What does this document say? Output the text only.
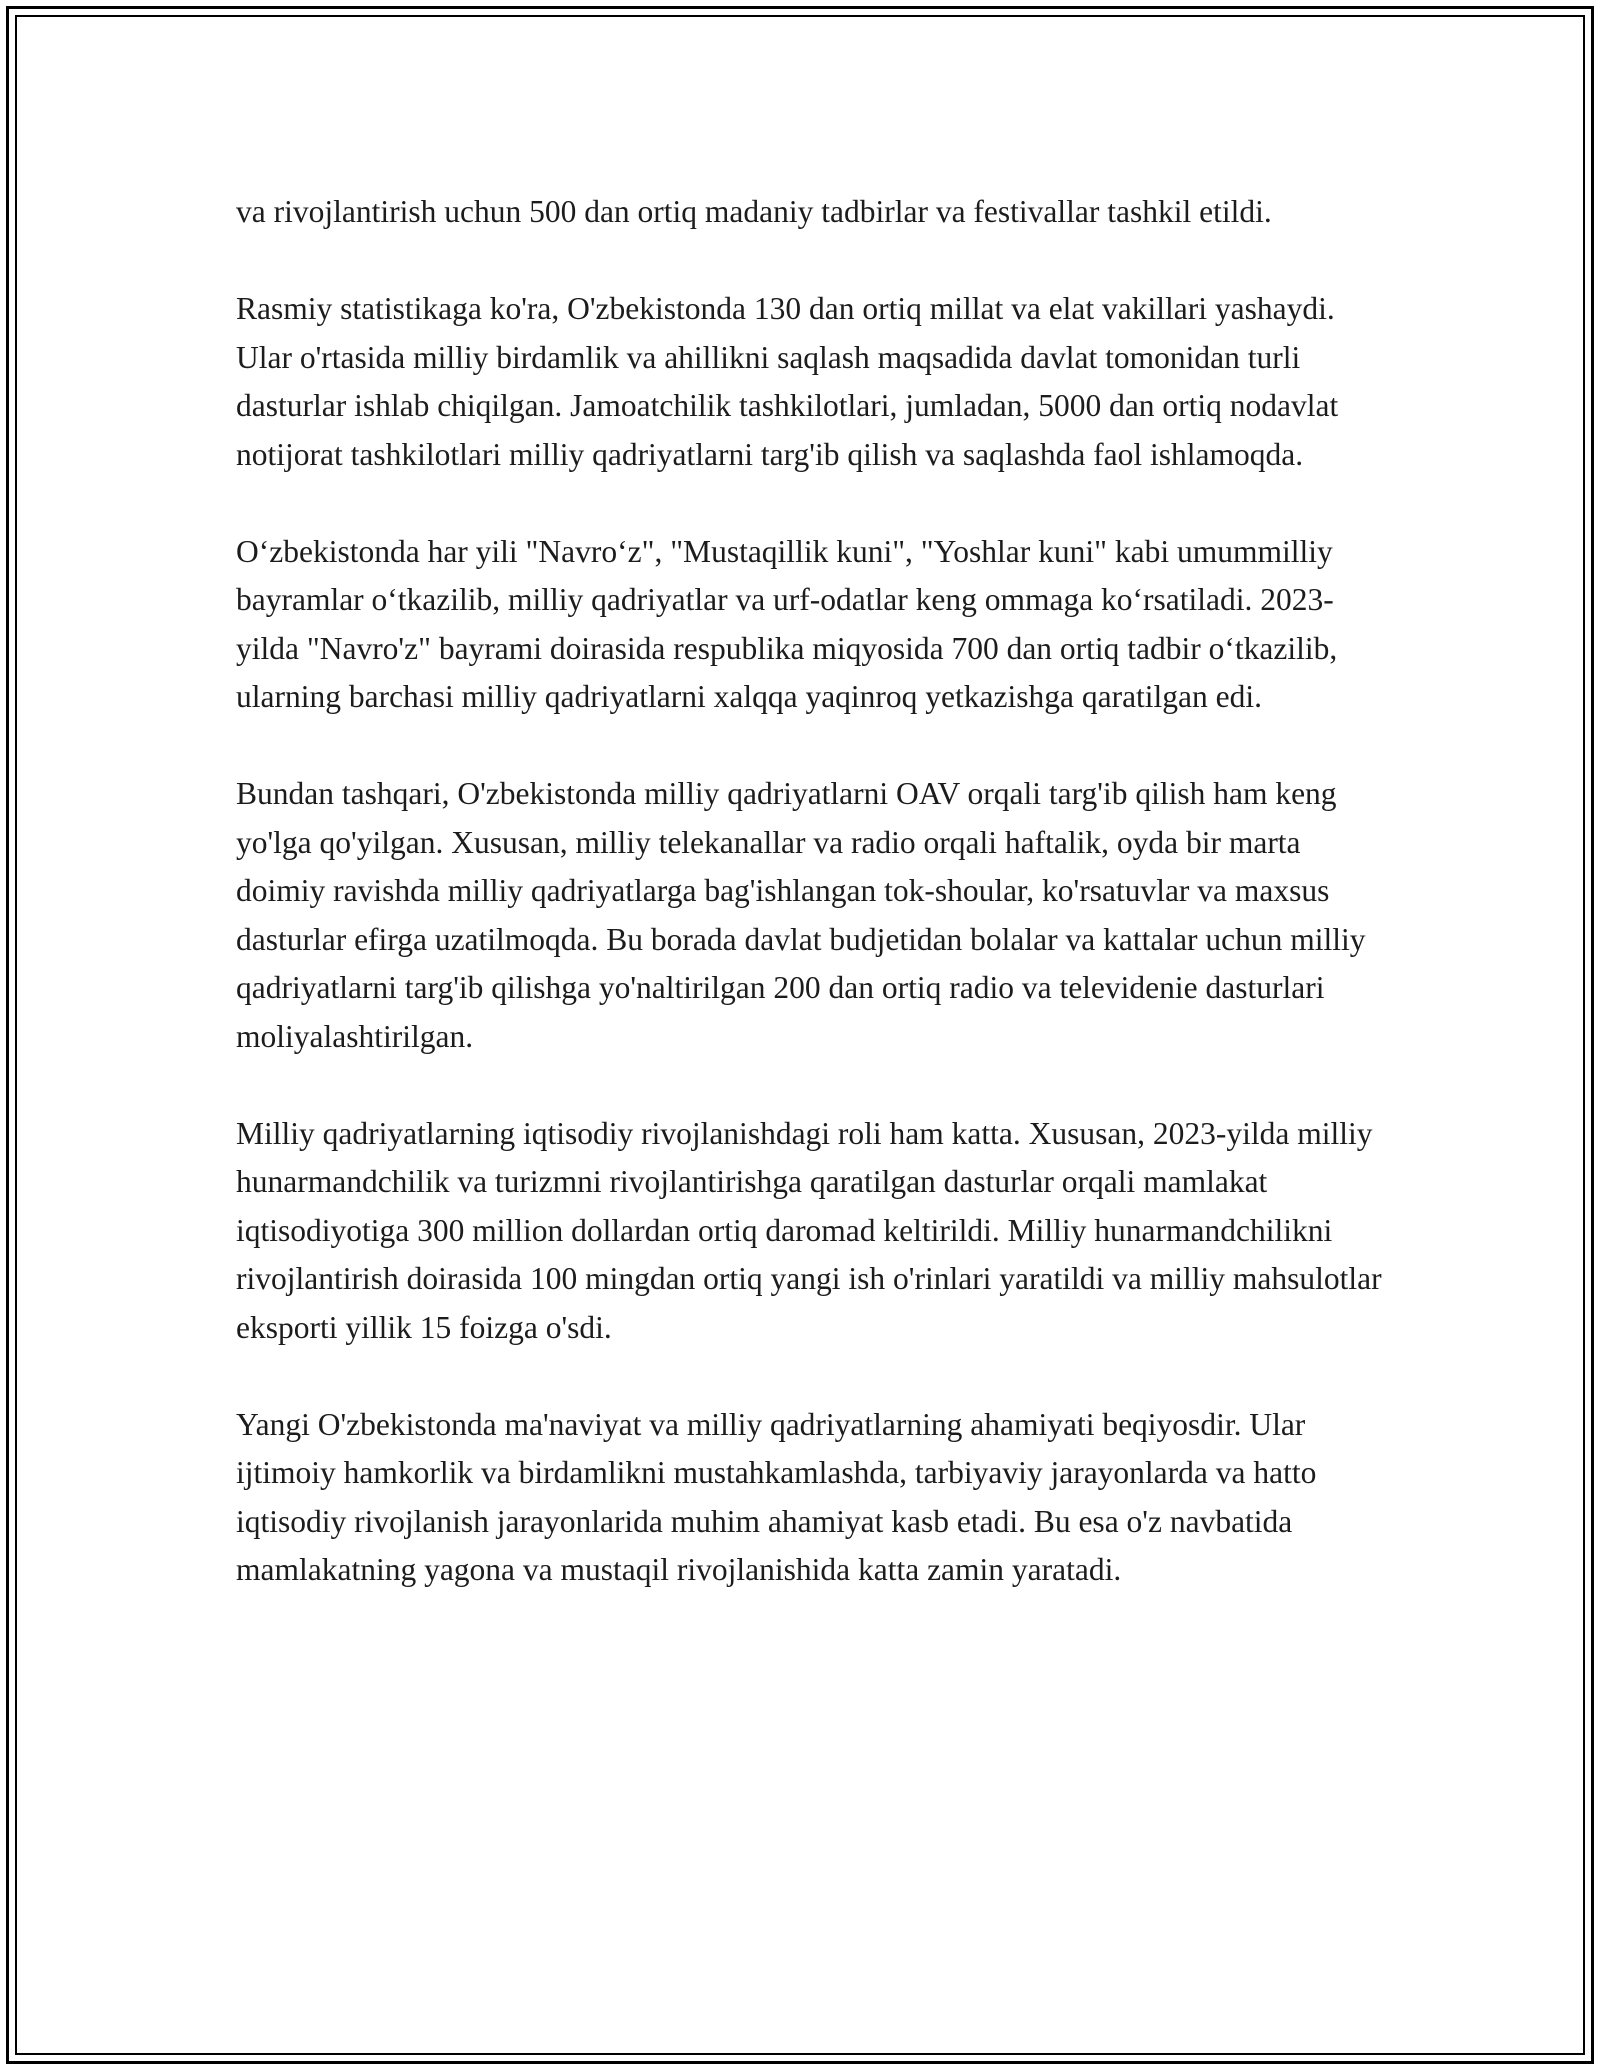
va rivojlantirish uchun 500 dan ortiq madaniy tadbirlar va festivallar tashkil etildi.

Rasmiy statistikaga ko'ra, O'zbekistonda 130 dan ortiq millat va elat vakillari yashaydi. Ular o'rtasida milliy birdamlik va ahillikni saqlash maqsadida davlat tomonidan turli dasturlar ishlab chiqilgan. Jamoatchilik tashkilotlari, jumladan, 5000 dan ortiq nodavlat notijorat tashkilotlari milliy qadriyatlarni targ'ib qilish va saqlashda faol ishlamoqda.

O‘zbekistonda har yili "Navro‘z", "Mustaqillik kuni", "Yoshlar kuni" kabi umummilliy bayramlar o‘tkazilib, milliy qadriyatlar va urf-odatlar keng ommaga ko‘rsatiladi. 2023-yilda "Navro'z" bayrami doirasida respublika miqyosida 700 dan ortiq tadbir o‘tkazilib, ularning barchasi milliy qadriyatlarni xalqqa yaqinroq yetkazishga qaratilgan edi.

Bundan tashqari, O'zbekistonda milliy qadriyatlarni OAV orqali targ'ib qilish ham keng yo'lga qo'yilgan. Xususan, milliy telekanallar va radio orqali haftalik, oyda bir marta doimiy ravishda milliy qadriyatlarga bag'ishlangan tok-shoular, ko'rsatuvlar va maxsus dasturlar efirga uzatilmoqda. Bu borada davlat budjetidan bolalar va kattalar uchun milliy qadriyatlarni targ'ib qilishga yo'naltirilgan 200 dan ortiq radio va televidenie dasturlari moliyalashtirilgan.

Milliy qadriyatlarning iqtisodiy rivojlanishdagi roli ham katta. Xususan, 2023-yilda milliy hunarmandchilik va turizmni rivojlantirishga qaratilgan dasturlar orqali mamlakat iqtisodiyotiga 300 million dollardan ortiq daromad keltirildi. Milliy hunarmandchilikni rivojlantirish doirasida 100 mingdan ortiq yangi ish o'rinlari yaratildi va milliy mahsulotlar eksporti yillik 15 foizga o'sdi.

Yangi O'zbekistonda ma'naviyat va milliy qadriyatlarning ahamiyati beqiyosdir. Ular ijtimoiy hamkorlik va birdamlikni mustahkamlashda, tarbiyaviy jarayonlarda va hatto iqtisodiy rivojlanish jarayonlarida muhim ahamiyat kasb etadi. Bu esa o'z navbatida mamlakatning yagona va mustaqil rivojlanishida katta zamin yaratadi.
